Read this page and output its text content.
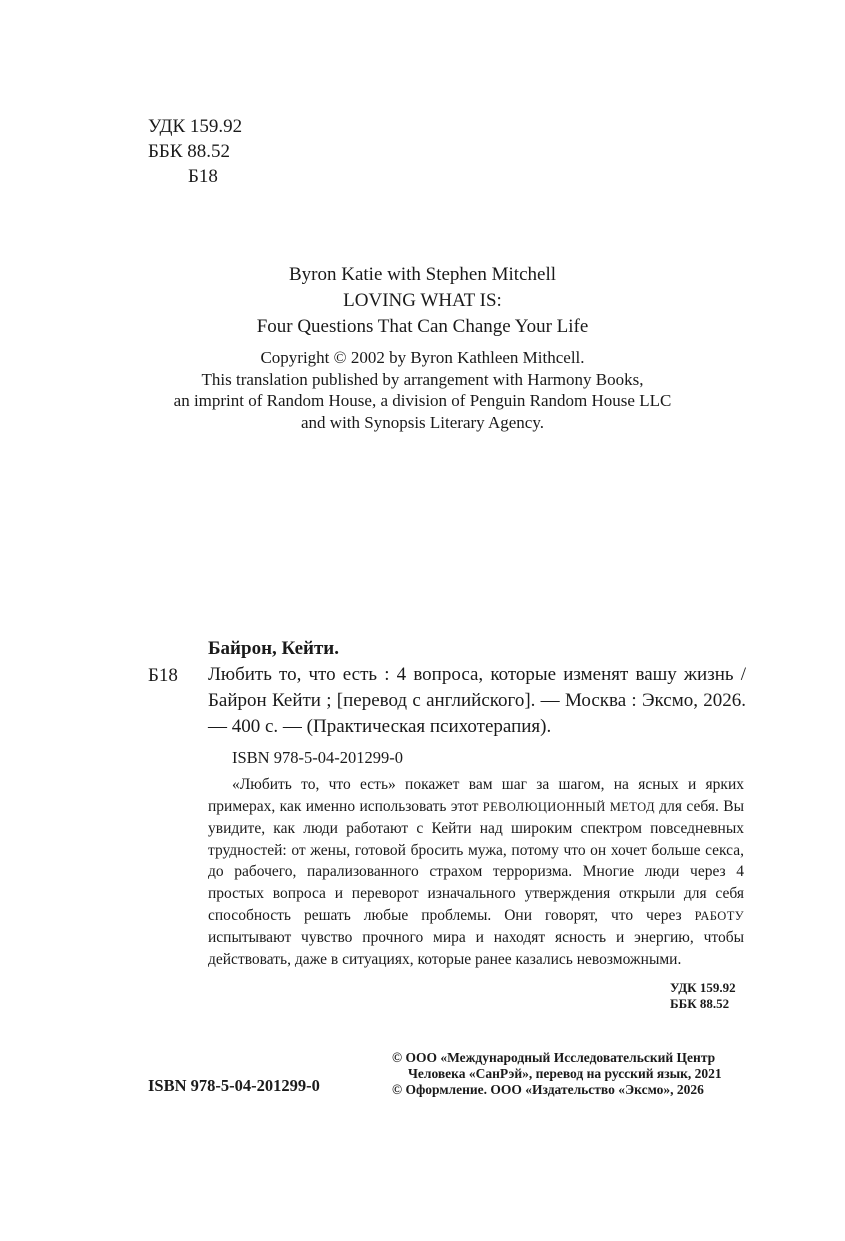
УДК 159.92
ББК 88.52
Б18
Byron Katie with Stephen Mitchell
LOVING WHAT IS:
Four Questions That Can Change Your Life
Copyright © 2002 by Byron Kathleen Mithcell.
This translation published by arrangement with Harmony Books,
an imprint of Random House, a division of Penguin Random House LLC
and with Synopsis Literary Agency.
Байрон, Кейти.
Б18 Любить то, что есть : 4 вопроса, которые изменят вашу жизнь / Байрон Кейти ; [перевод с английского]. — Москва : Эксмо, 2026. — 400 с. — (Практическая психотерапия).
ISBN 978-5-04-201299-0
«Любить то, что есть» покажет вам шаг за шагом, на ясных и ярких примерах, как именно использовать этот РЕВОЛЮЦИОННЫЙ МЕТОД для себя. Вы увидите, как люди работают с Кейти над широким спектром повседневных трудностей: от жены, готовой бросить мужа, потому что он хочет больше секса, до рабочего, парализованного страхом терроризма. Многие люди через 4 простых вопроса и переворот изначального утверждения открыли для себя способность решать любые проблемы. Они говорят, что через РАБОТУ испытывают чувство прочного мира и находят ясность и энергию, чтобы действовать, даже в ситуациях, которые ранее казались невозможными.
УДК 159.92
ББК 88.52
ISBN 978-5-04-201299-0
© ООО «Международный Исследовательский Центр
Человека «СанРэй», перевод на русский язык, 2021
© Оформление. ООО «Издательство «Эксмо», 2026
